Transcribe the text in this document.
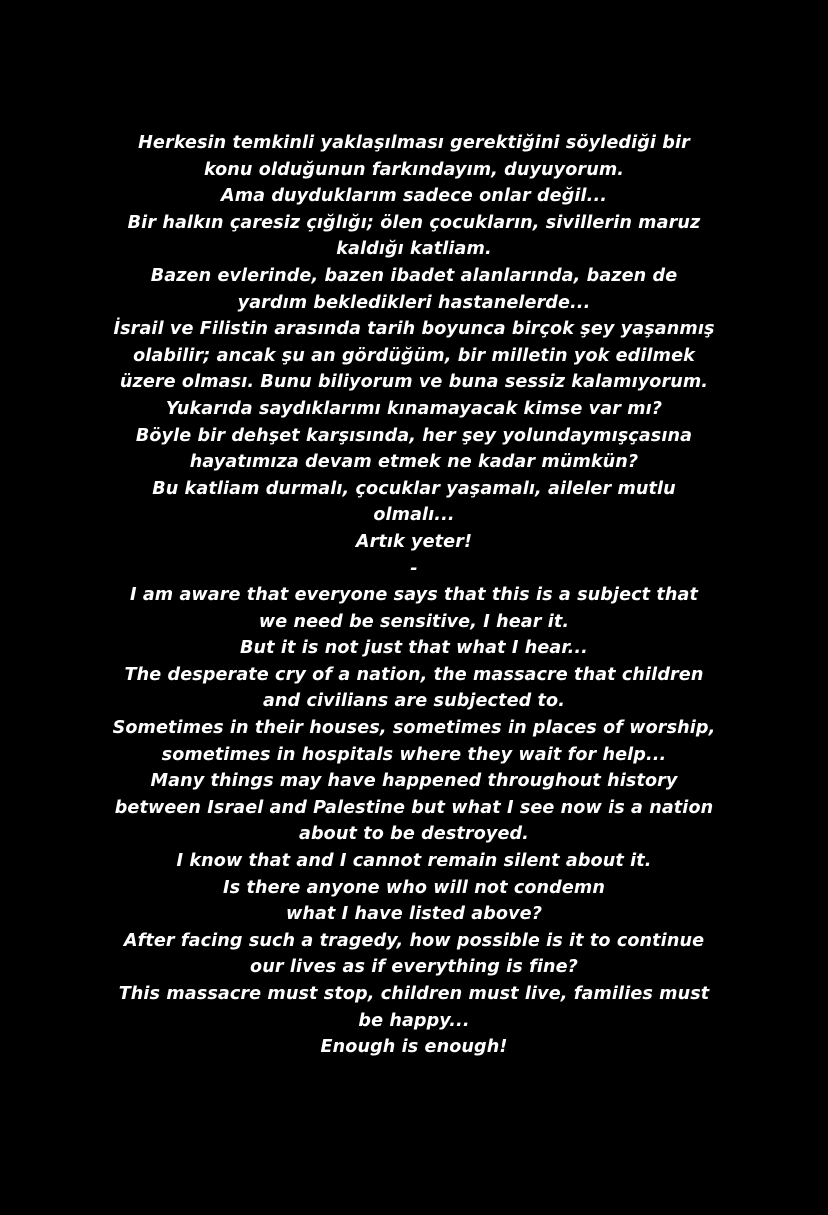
Herkesin temkinli yaklaşılması gerektiğini söylediği bir
konu olduğunun farkındayım, duyuyorum.
Ama duyduklarım sadece onlar değil...
Bir halkın çaresiz çığlığı; ölen çocukların, sivillerin maruz
kaldığı katliam.
Bazen evlerinde, bazen ibadet alanlarında, bazen de
yardım bekledikleri hastanelerde...
İsrail ve Filistin arasında tarih boyunca birçok şey yaşanmış
olabilir; ancak şu an gördüğüm, bir milletin yok edilmek
üzere olması. Bunu biliyorum ve buna sessiz kalamıyorum.
Yukarıda saydıklarımı kınamayacak kimse var mı?
Böyle bir dehşet karşısında, her şey yolundaymışçasına
hayatımıza devam etmek ne kadar mümkün?
Bu katliam durmalı, çocuklar yaşamalı, aileler mutlu
olmalı...
Artık yeter!
-
I am aware that everyone says that this is a subject that
we need be sensitive, I hear it.
But it is not just that what I hear...
The desperate cry of a nation, the massacre that children
and civilians are subjected to.
Sometimes in their houses, sometimes in places of worship,
sometimes in hospitals where they wait for help...
Many things may have happened throughout history
between Israel and Palestine but what I see now is a nation
about to be destroyed.
I know that and I cannot remain silent about it.
Is there anyone who will not condemn
what I have listed above?
After facing such a tragedy, how possible is it to continue
our lives as if everything is fine?
This massacre must stop, children must live, families must
be happy...
Enough is enough!
